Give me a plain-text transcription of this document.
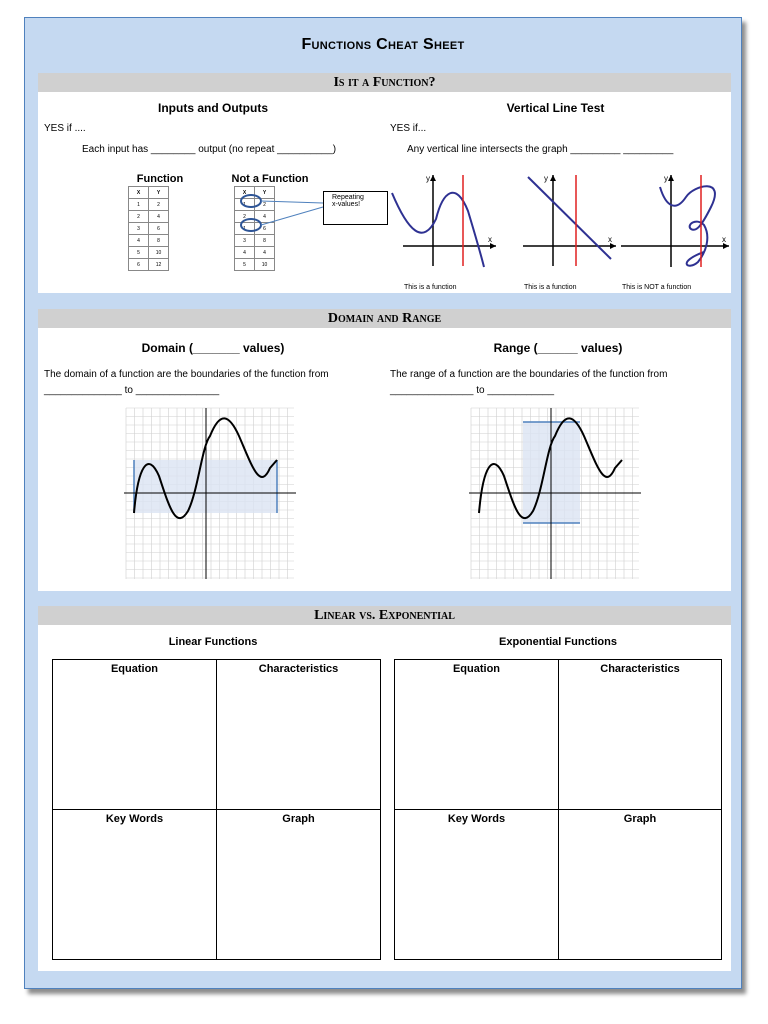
Functions Cheat Sheet
Is it a Function?
Inputs and Outputs
YES if ....
Each input has ________ output (no repeat __________)
Function	Not a Function
X	Y
1	2
2	4
3	6
4	8
5	10
6	12
X	Y
1	2
2	4
1	6
3	8
4	4
5	10
Repeating
x-values!
Vertical Line Test
YES if...
Any vertical line intersects the graph _________ _________
y
x
This is a function
y
x
This is a function
y
x
This is NOT a function
Domain and Range
Domain (_______ values)
The domain of a function are the boundaries of the function from
______________ to _______________
Range (______ values)
The range of a function are the boundaries of the function from
_______________ to ____________
Linear vs. Exponential
Linear Functions	Exponential Functions
Equation	Characteristics
Key Words	Graph
Equation	Characteristics
Key Words	Graph
